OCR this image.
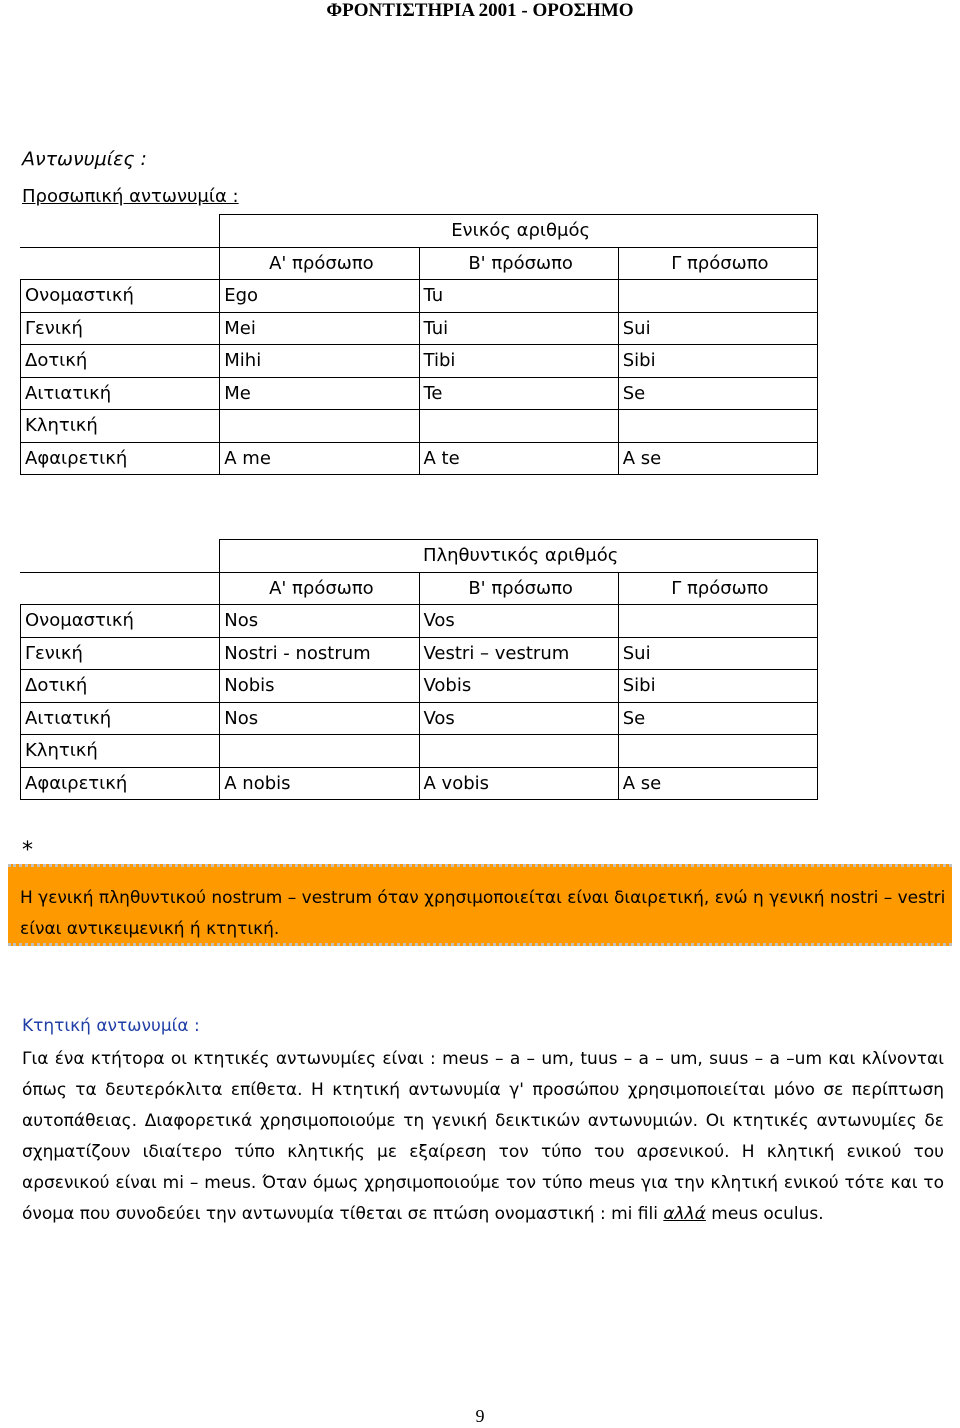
ΦΡΟΝΤΙΣΤΗΡΙΑ 2001 - ΟΡΟΣΗΜΟ
Αντωνυμίες :
Προσωπική αντωνυμία :
	Ενικός αριθμός		
	Α' πρόσωπο	Β' πρόσωπο	Γ πρόσωπο
Ονομαστική	Ego	Tu	
Γενική	Mei	Tui	Sui
Δοτική	Mihi	Tibi	Sibi
Αιτιατική	Me	Te	Se
Κλητική			
Αφαιρετική	A me	A te	A se
	Πληθυντικός αριθμός		
	Α' πρόσωπο	Β' πρόσωπο	Γ πρόσωπο
Ονομαστική	Nos	Vos	
Γενική	Nostri - nostrum	Vestri – vestrum	Sui
Δοτική	Nobis	Vobis	Sibi
Αιτιατική	Nos	Vos	Se
Κλητική			
Αφαιρετική	A nobis	A vobis	A se
*
Η γενική πληθυντικού nostrum – vestrum όταν χρησιμοποιείται είναι διαιρετική, ενώ η γενική nostri – vestri είναι αντικειμενική ή κτητική.
Κτητική αντωνυμία :
Για ένα κτήτορα οι κτητικές αντωνυμίες είναι : meus – a – um, tuus – a – um, suus – a –um και κλίνονται όπως τα δευτερόκλιτα επίθετα. Η κτητική αντωνυμία γ' προσώπου χρησιμοποιείται μόνο σε περίπτωση αυτοπάθειας. Διαφορετικά χρησιμοποιούμε τη γενική δεικτικών αντωνυμιών. Οι κτητικές αντωνυμίες δε σχηματίζουν ιδιαίτερο τύπο κλητικής με εξαίρεση τον τύπο του αρσενικού. Η κλητική ενικού του αρσενικού είναι mi – meus. Όταν όμως χρησιμοποιούμε τον τύπο meus για την κλητική ενικού τότε και το όνομα που συνοδεύει την αντωνυμία τίθεται σε πτώση ονομαστική : mi fili αλλά meus oculus.
9
